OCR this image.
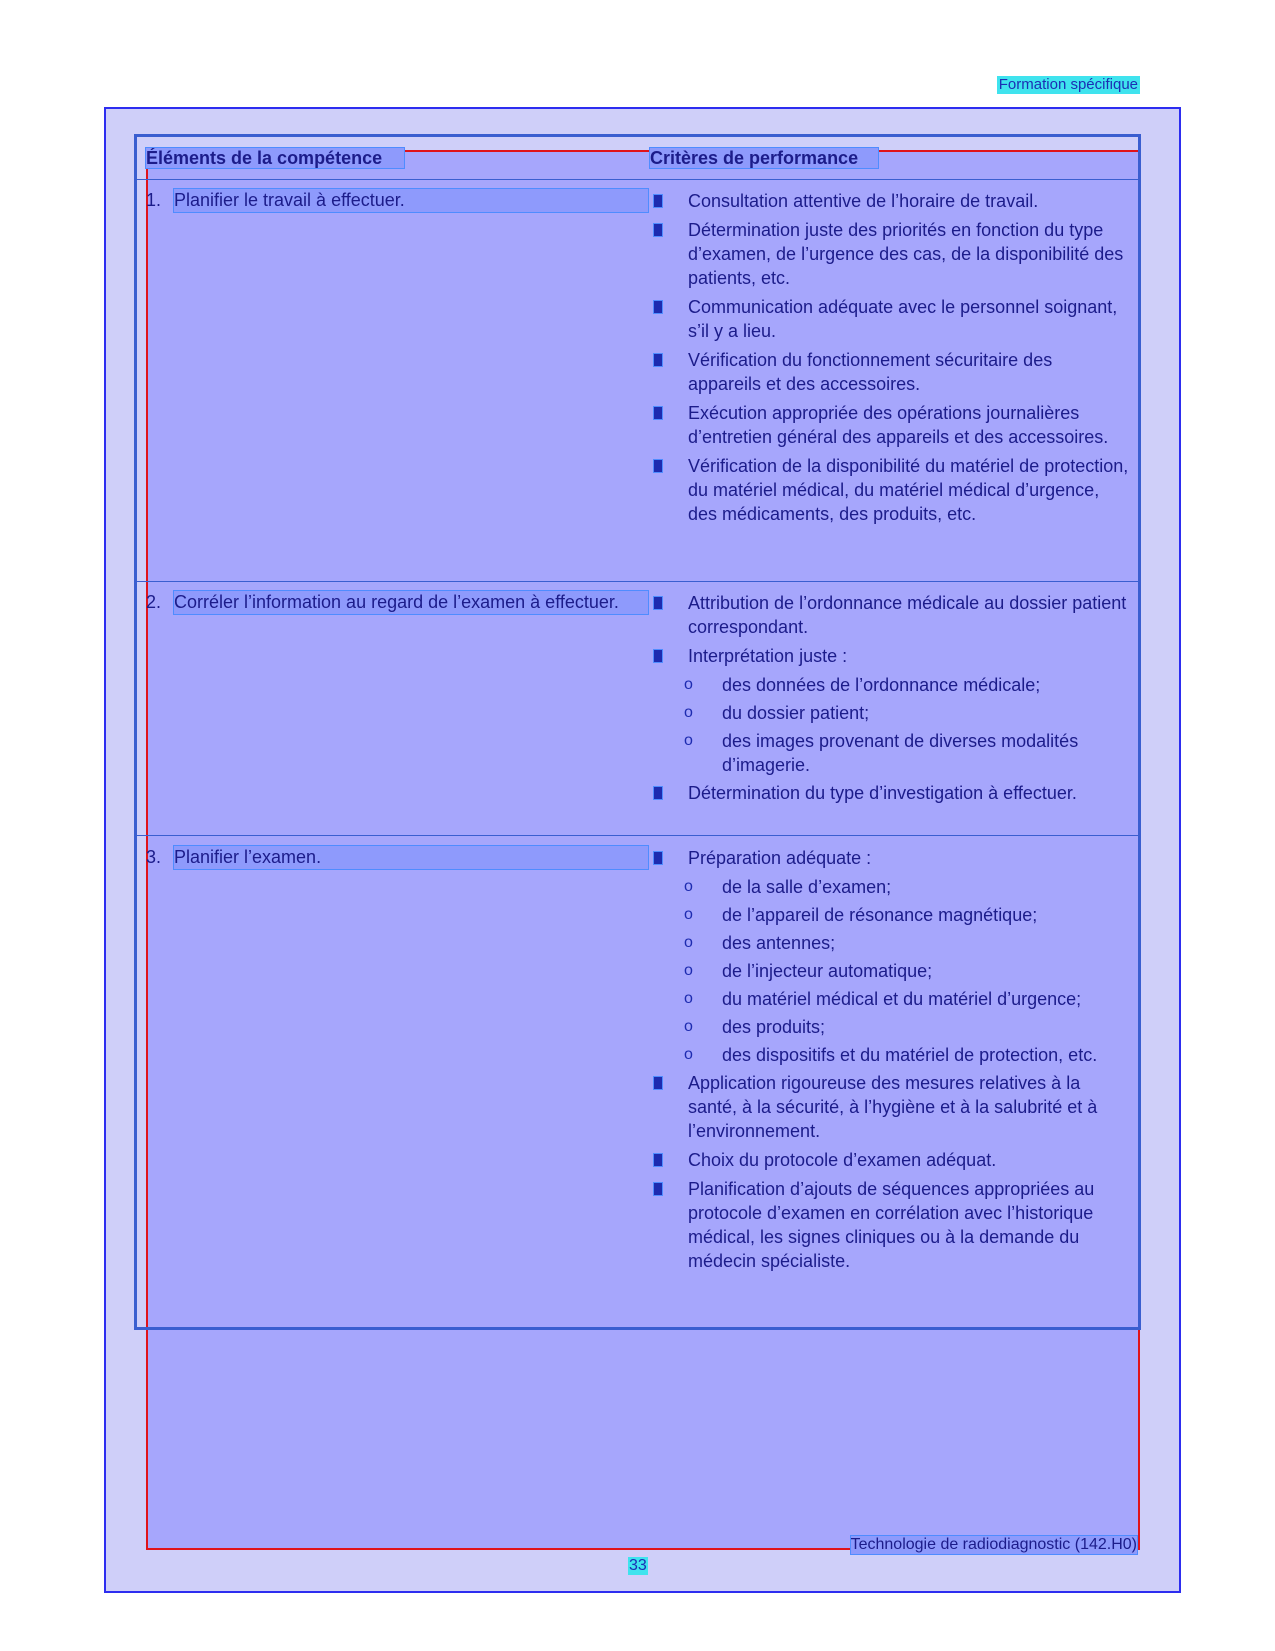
Formation spécifique
Éléments de la compétence	Critères de performance
1. Planifier le travail à effectuer.	Consultation attentive de l’horaire de travail.
Détermination juste des priorités en fonction du type d’examen, de l’urgence des cas, de la disponibilité des patients, etc.
Communication adéquate avec le personnel soignant, s’il y a lieu.
Vérification du fonctionnement sécuritaire des appareils et des accessoires.
Exécution appropriée des opérations journalières d’entretien général des appareils et des accessoires.
Vérification de la disponibilité du matériel de protection, du matériel médical, du matériel médical d’urgence, des médicaments, des produits, etc.
2. Corréler l’information au regard de l’examen à effectuer.	Attribution de l’ordonnance médicale au dossier patient correspondant.
Interprétation juste :
o des données de l’ordonnance médicale;
o du dossier patient;
o des images provenant de diverses modalités d’imagerie.
Détermination du type d’investigation à effectuer.
3. Planifier l’examen.	Préparation adéquate :
o de la salle d’examen;
o de l’appareil de résonance magnétique;
o des antennes;
o de l’injecteur automatique;
o du matériel médical et du matériel d’urgence;
o des produits;
o des dispositifs et du matériel de protection, etc.
Application rigoureuse des mesures relatives à la santé, à la sécurité, à l’hygiène et à la salubrité et à l’environnement.
Choix du protocole d’examen adéquat.
Planification d’ajouts de séquences appropriées au protocole d’examen en corrélation avec l’historique médical, les signes cliniques ou à la demande du médecin spécialiste.
Technologie de radiodiagnostic (142.H0)
33
